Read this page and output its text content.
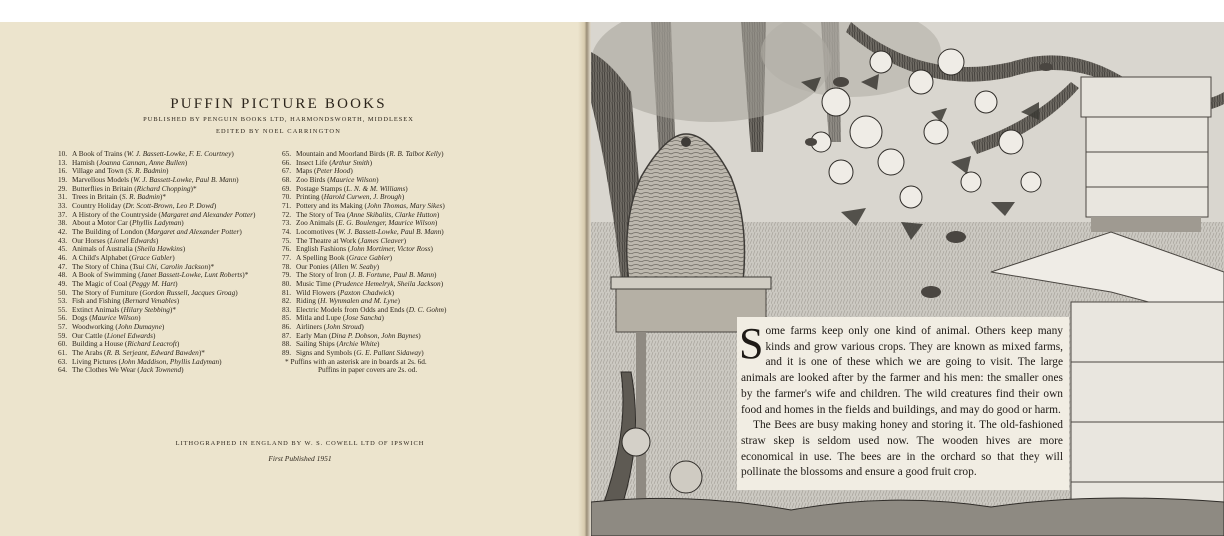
PUFFIN PICTURE BOOKS
PUBLISHED BY PENGUIN BOOKS LTD, HARMONDSWORTH, MIDDLESEX
EDITED BY NOEL CARRINGTON
10. A Book of Trains ( W. J. Bassett-Lowke, F. E. Courtney )
13. Hamish ( Joanna Cannan, Anne Bullen )
16. Village and Town ( S. R. Badmin )
19. Marvellous Models ( W. J. Bassett-Lowke, Paul B. Mann )
29. Butterflies in Britain ( Richard Chopping ) *
31. Trees in Britain ( S. R. Badmin ) *
33. Country Holiday ( Dr. Scott-Brown, Leo P. Dowd )
37. A History of the Countryside ( Margaret and Alexander Potter )
38. About a Motor Car ( Phyllis Ladyman )
42. The Building of London ( Margaret and Alexander Potter )
43. Our Horses ( Lionel Edwards )
45. Animals of Australia ( Sheila Hawkins )
46. A Child's Alphabet ( Grace Gabler )
47. The Story of China ( Tsui Chi, Carolin Jackson ) *
48. A Book of Swimming ( Janet Bassett-Lowke, Lunt Roberts ) *
49. The Magic of Coal ( Peggy M. Hart )
50. The Story of Furniture ( Gordon Russell, Jacques Groag )
53. Fish and Fishing ( Bernard Venables )
55. Extinct Animals ( Hilary Stebbing ) *
56. Dogs ( Maurice Wilson )
57. Woodworking ( John Dumayne )
59. Our Cattle ( Lionel Edwards )
60. Building a House ( Richard Leacroft )
61. The Arabs ( R. B. Serjeant, Edward Bawden ) *
63. Living Pictures ( John Maddison, Phyllis Ladyman )
64. The Clothes We Wear ( Jack Townend )
65. Mountain and Moorland Birds ( R. B. Talbot Kelly )
66. Insect Life ( Arthur Smith )
67. Maps ( Peter Hood )
68. Zoo Birds ( Maurice Wilson )
69. Postage Stamps ( L. N. & M. Williams )
70. Printing ( Harold Curwen, J. Brough )
71. Pottery and its Making ( John Thomas, Mary Sikes )
72. The Story of Tea ( Anne Skibalits, Clarke Hutton )
73. Zoo Animals ( E. G. Boulenger, Maurice Wilson )
74. Locomotives ( W. J. Bassett-Lowke, Paul B. Mann )
75. The Theatre at Work ( James Cleaver )
76. English Fashions ( John Mortimer, Victor Ross )
77. A Spelling Book ( Grace Gabler )
78. Our Ponies ( Allen W. Seaby )
79. The Story of Iron ( J. B. Fortune, Paul B. Mann )
80. Music Time ( Prudence Hemelryk, Sheila Jackson )
81. Wild Flowers ( Paxton Chadwick )
82. Riding ( H. Wynmalen and M. Lyne )
83. Electric Models from Odds and Ends ( D. C. Gohm )
85. Mitla and Lupe ( Jose Sancha )
86. Airliners ( John Stroud )
87. Early Man ( Dina P. Dobson, John Baynes )
88. Sailing Ships ( Archie White )
89. Signs and Symbols ( G. E. Pallant Sidaway )
* Puffins with an asterisk are in boards at 2s. 6d.
Puffins in paper covers are 2s. od.
LITHOGRAPHED IN ENGLAND BY W. S. COWELL LTD OF IPSWICH
First Published 1951

Some farms keep only one kind of animal. Others keep many kinds and grow various crops. They are known as mixed farms, and it is one of these which we are going to visit. The large animals are looked after by the farmer and his men: the smaller ones by the farmer's wife and children. The wild creatures find their own food and homes in the fields and buildings, and may do good or harm.

The Bees are busy making honey and storing it. The old-fashioned straw skep is seldom used now. The wooden hives are more economical in use. The bees are in the orchard so that they will pollinate the blossoms and ensure a good fruit crop.
